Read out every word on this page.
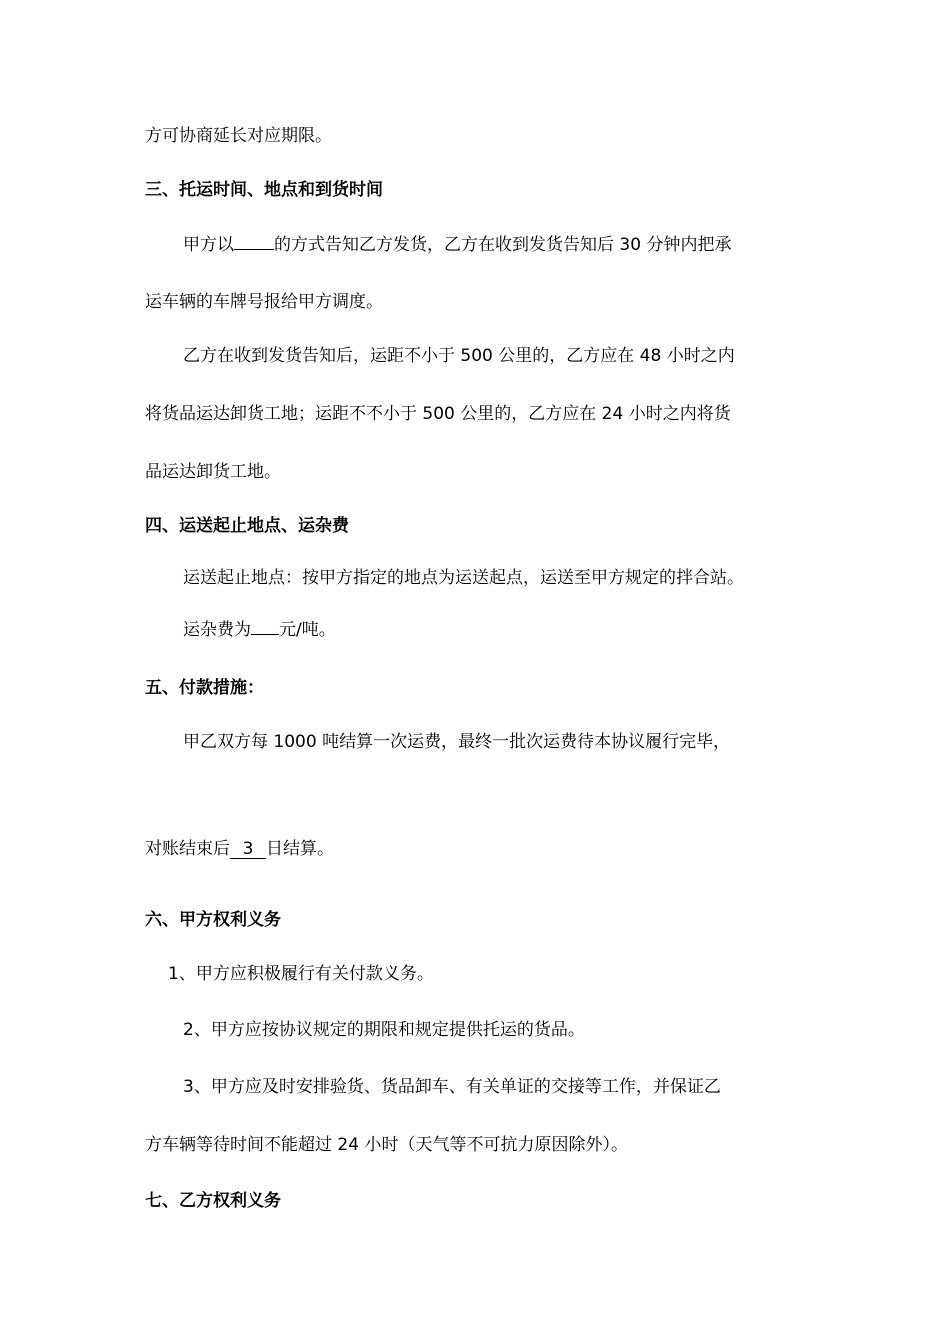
方可协商延长对应期限。
三、托运时间、地点和到货时间
甲方以 的方式告知乙方发货，乙方在收到发货告知后 30 分钟内把承
运车辆的车牌号报给甲方调度。
乙方在收到发货告知后，运距不小于 500 公里的，乙方应在 48 小时之内
将货品运达卸货工地；运距不不小于 500 公里的，乙方应在 24 小时之内将货
品运达卸货工地。
四、运送起止地点、运杂费
运送起止地点：按甲方指定的地点为运送起点，运送至甲方规定的拌合站。
运杂费为 元/吨。
五、付款措施：
甲乙双方每 1000 吨结算一次运费，最终一批次运费待本协议履行完毕，
对账结束后 3 日结算。
六、甲方权利义务
1、甲方应积极履行有关付款义务。
2、甲方应按协议规定的期限和规定提供托运的货品。
3、甲方应及时安排验货、货品卸车、有关单证的交接等工作，并保证乙
方车辆等待时间不能超过 24 小时（天气等不可抗力原因除外）。
七、乙方权利义务
